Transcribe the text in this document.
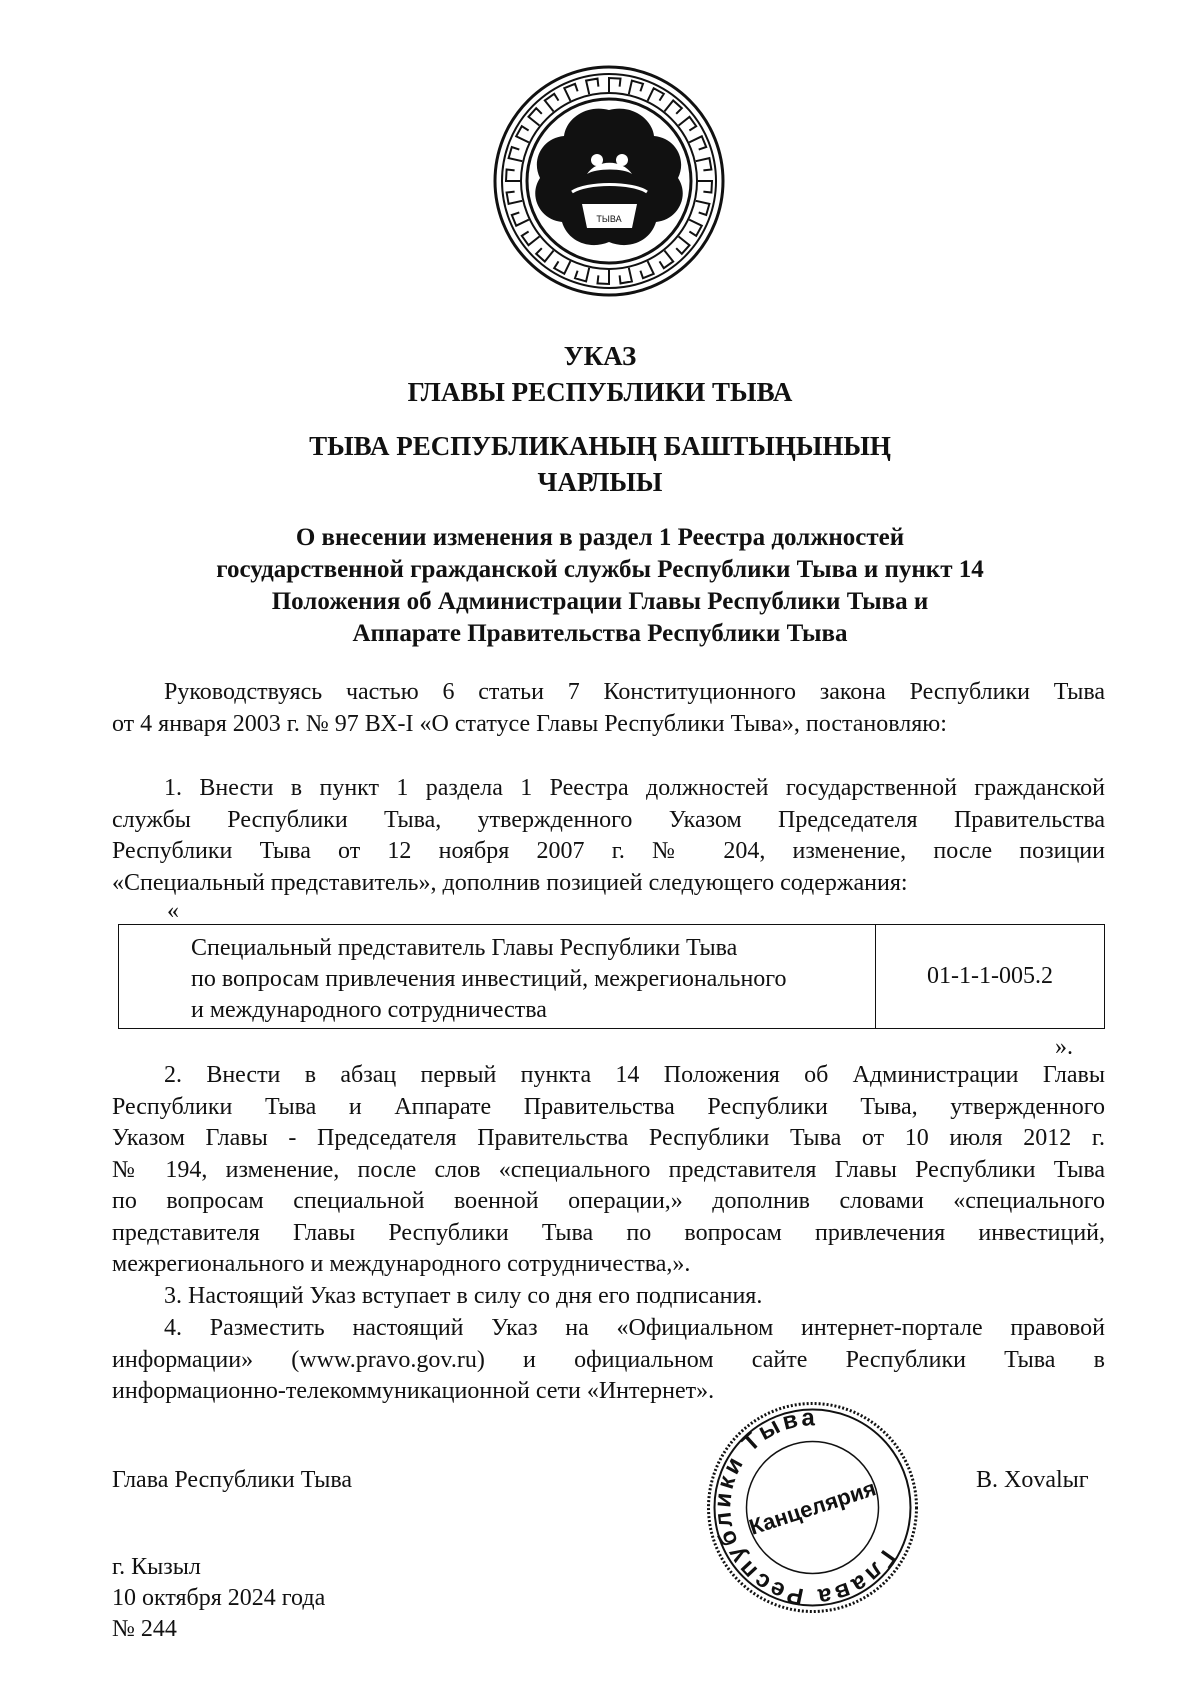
ТЫВА
УКАЗ
ГЛАВЫ РЕСПУБЛИКИ ТЫВА
ТЫВА РЕСПУБЛИКАНЫҢ БАШТЫҢЫНЫҢ
ЧАРЛЫЫ
О внесении изменения в раздел 1 Реестра должностей
государственной гражданской службы Республики Тыва и пункт 14
Положения об Администрации Главы Республики Тыва и
Аппарате Правительства Республики Тыва
Руководствуясь частью 6 статьи 7 Конституционного закона Республики Тыва
от 4 января 2003 г. № 97 ВХ-I «О статусе Главы Республики Тыва», постановляю:
1. Внести в пункт 1 раздела 1 Реестра должностей государственной гражданской
службы Республики Тыва, утвержденного Указом Председателя Правительства
Республики Тыва от 12 ноября 2007 г. № 204, изменение, после позиции
«Специальный представитель», дополнив позицией следующего содержания:
«
Специальный представитель Главы Республики Тыва
по вопросам привлечения инвестиций, межрегионального
и международного сотрудничества
01-1-1-005.2
».
2. Внести в абзац первый пункта 14 Положения об Администрации Главы
Республики Тыва и Аппарате Правительства Республики Тыва, утвержденного
Указом Главы - Председателя Правительства Республики Тыва от 10 июля 2012 г.
№ 194, изменение, после слов «специального представителя Главы Республики Тыва
по вопросам специальной военной операции,» дополнив словами «специального
представителя Главы Республики Тыва по вопросам привлечения инвестиций,
межрегионального и международного сотрудничества,».
3. Настоящий Указ вступает в силу со дня его подписания.
4. Разместить настоящий Указ на «Официальном интернет-портале правовой
информации» (www.pravo.gov.ru) и официальном сайте Республики Тыва в
информационно-телекоммуникационной сети «Интернет».
Глава Республики Тыва	В. Хovalыг
г. Кызыл
10 октября 2024 года
№ 244
Глава Республики Тыва
Канцелярия
